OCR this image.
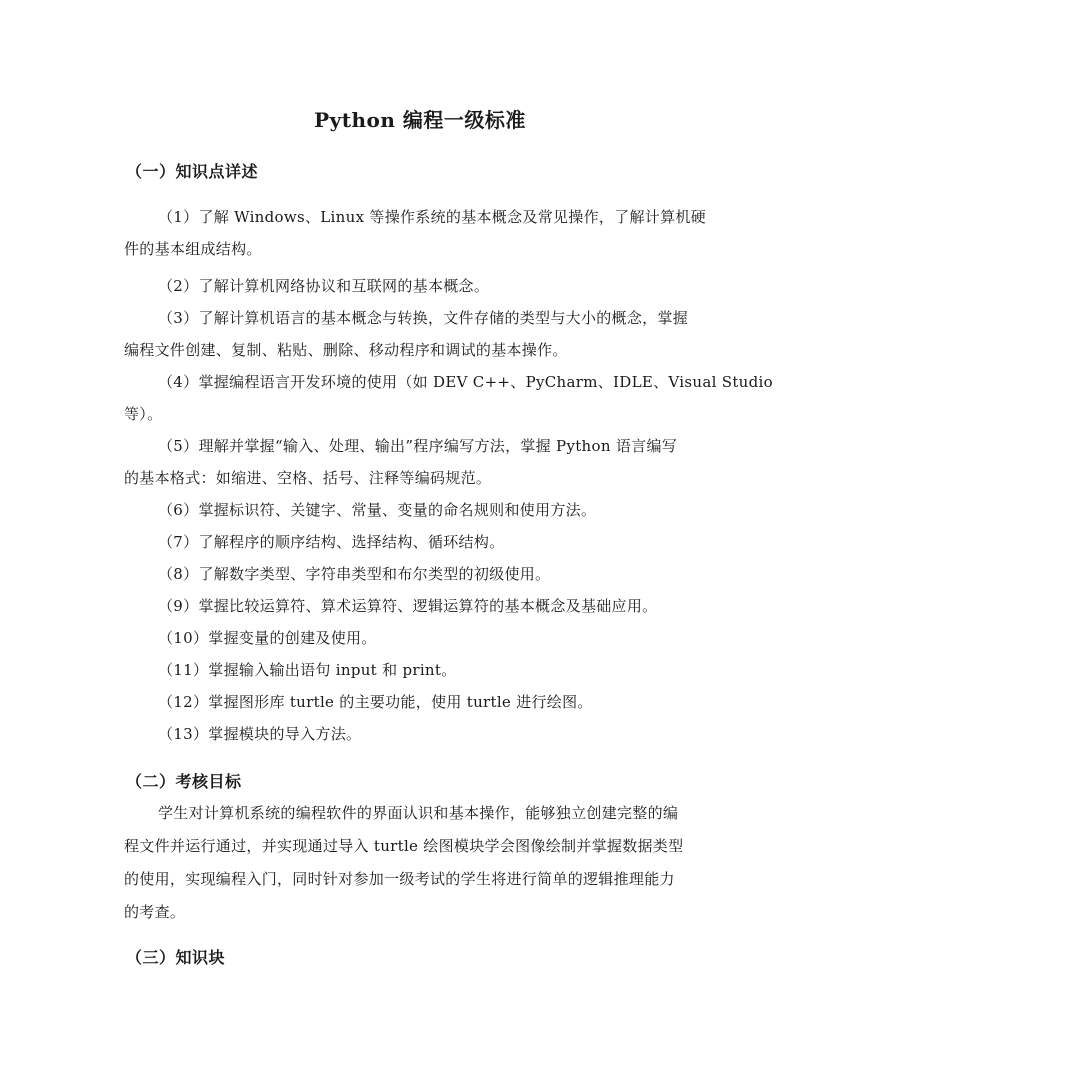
Python 编程一级标准
（一）知识点详述
（1）了解 Windows、Linux 等操作系统的基本概念及常见操作，了解计算机硬
件的基本组成结构。
（2）了解计算机网络协议和互联网的基本概念。
（3）了解计算机语言的基本概念与转换，文件存储的类型与大小的概念，掌握
编程文件创建、复制、粘贴、删除、移动程序和调试的基本操作。
（4）掌握编程语言开发环境的使用（如 DEV C++、PyCharm、IDLE、Visual Studio
等）。
（5）理解并掌握“输入、处理、输出”程序编写方法，掌握 Python 语言编写
的基本格式：如缩进、空格、括号、注释等编码规范。
（6）掌握标识符、关键字、常量、变量的命名规则和使用方法。
（7）了解程序的顺序结构、选择结构、循环结构。
（8）了解数字类型、字符串类型和布尔类型的初级使用。
（9）掌握比较运算符、算术运算符、逻辑运算符的基本概念及基础应用。
（10）掌握变量的创建及使用。
（11）掌握输入输出语句 input 和 print。
（12）掌握图形库 turtle 的主要功能，使用 turtle 进行绘图。
（13）掌握模块的导入方法。
（二）考核目标
学生对计算机系统的编程软件的界面认识和基本操作，能够独立创建完整的编
程文件并运行通过，并实现通过导入 turtle 绘图模块学会图像绘制并掌握数据类型
的使用，实现编程入门，同时针对参加一级考试的学生将进行简单的逻辑推理能力
的考查。
（三）知识块
